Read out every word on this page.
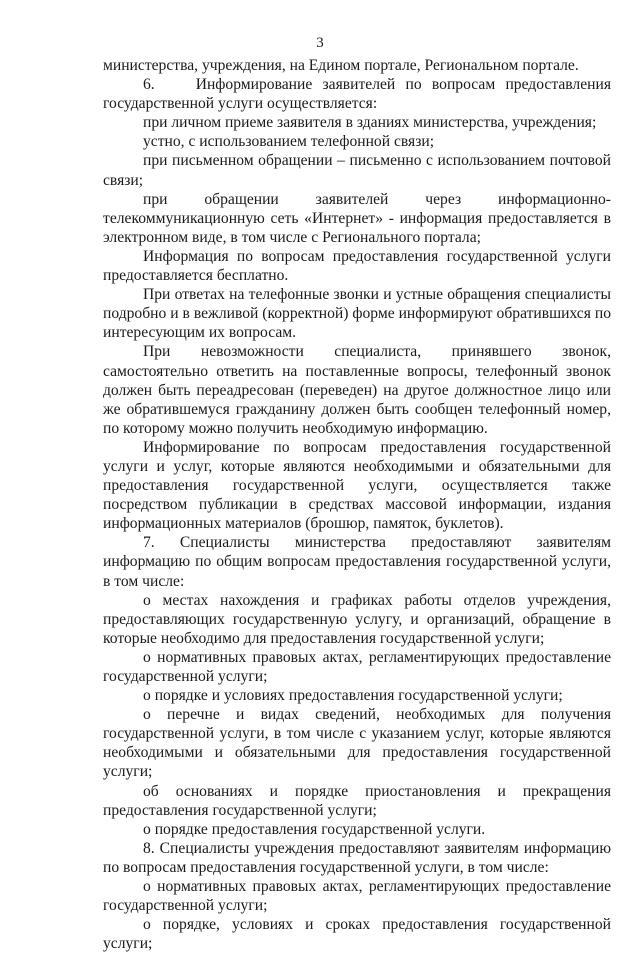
3

министерства, учреждения, на Едином портале, Региональном портале.

6.    Информирование заявителей по вопросам предоставления государственной услуги осуществляется:

при личном приеме заявителя в зданиях министерства, учреждения;

устно, с использованием телефонной связи;

при письменном обращении – письменно с использованием почтовой связи;

при обращении заявителей через информационно-телекоммуникационную сеть «Интернет» - информация предоставляется в электронном виде, в том числе с Регионального портала;

Информация по вопросам предоставления государственной услуги предоставляется бесплатно.

При ответах на телефонные звонки и устные обращения специалисты подробно и в вежливой (корректной) форме информируют обратившихся по интересующим их вопросам.

При невозможности специалиста, принявшего звонок, самостоятельно ответить на поставленные вопросы, телефонный звонок должен быть переадресован (переведен) на другое должностное лицо или же обратившемуся гражданину должен быть сообщен телефонный номер, по которому можно получить необходимую информацию.

Информирование по вопросам предоставления государственной услуги и услуг, которые являются необходимыми и обязательными для предоставления государственной услуги, осуществляется также посредством публикации в средствах массовой информации, издания информационных материалов (брошюр, памяток, буклетов).

7. Специалисты министерства предоставляют заявителям информацию по общим вопросам предоставления государственной услуги, в том числе:

о местах нахождения и графиках работы отделов учреждения, предоставляющих государственную услугу, и организаций, обращение в которые необходимо для предоставления государственной услуги;

о нормативных правовых актах, регламентирующих предоставление государственной услуги;

о порядке и условиях предоставления государственной услуги;

о перечне и видах сведений, необходимых для получения государственной услуги, в том числе с указанием услуг, которые являются необходимыми и обязательными для предоставления государственной услуги;

об основаниях и порядке приостановления и прекращения предоставления государственной услуги;

о порядке предоставления государственной услуги.

8. Специалисты учреждения предоставляют заявителям информацию по вопросам предоставления государственной услуги, в том числе:

о нормативных правовых актах, регламентирующих предоставление государственной услуги;

о порядке, условиях и сроках предоставления государственной услуги;
